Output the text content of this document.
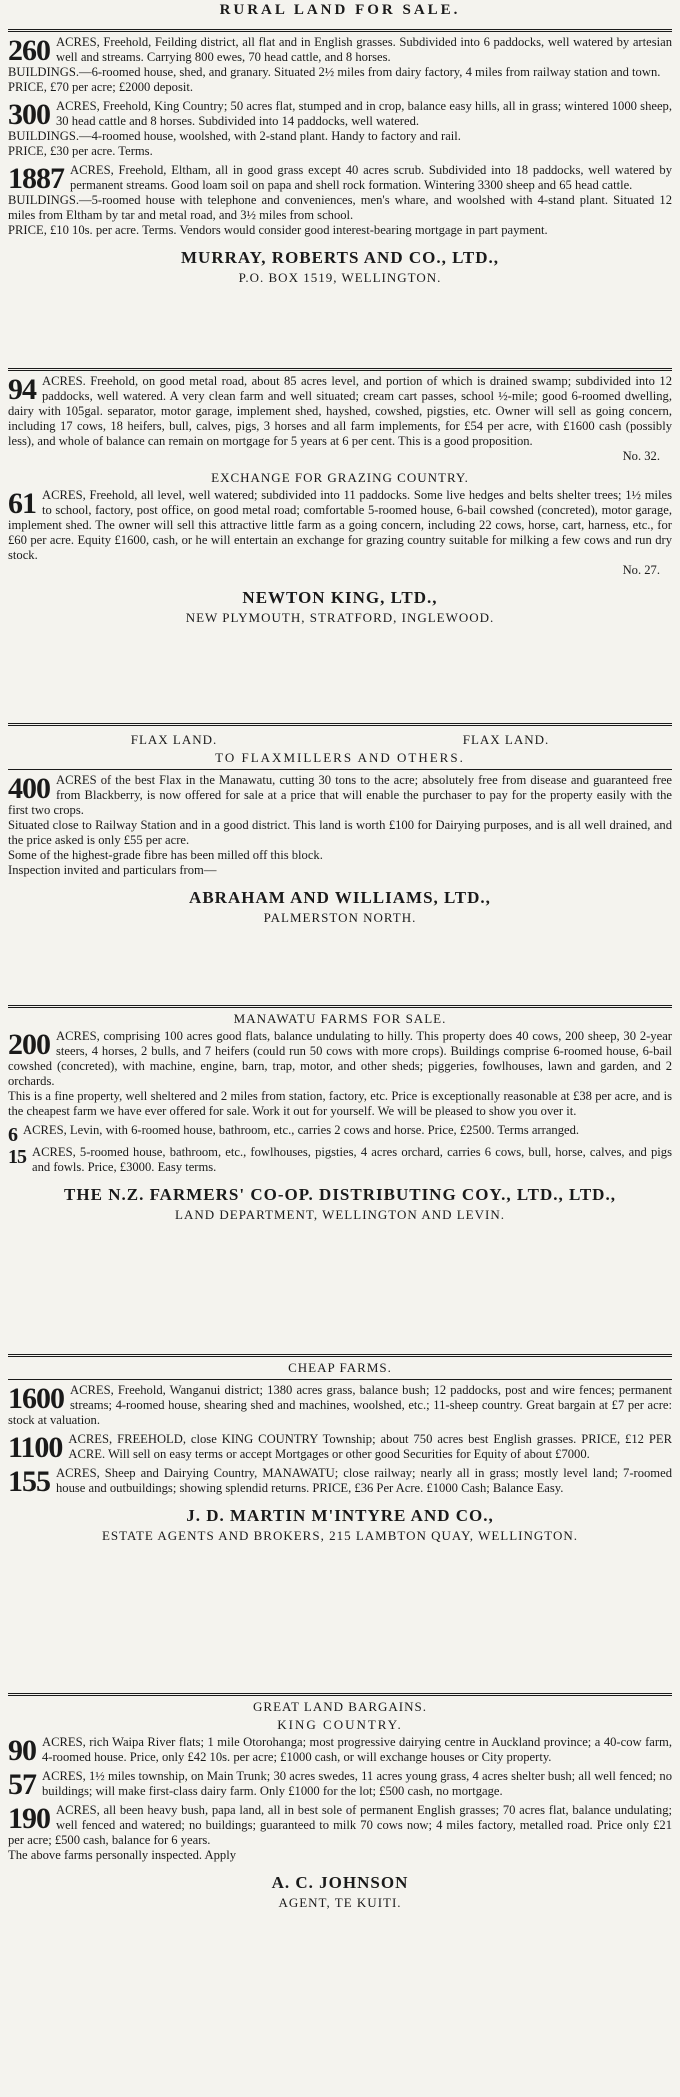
RURAL LAND FOR SALE.
260 ACRES, Freehold, Feilding district, all flat and in English grasses. Subdivided into 6 paddocks, well watered by artesian well and streams. Carrying 800 ewes, 70 head cattle, and 8 horses.
BUILDINGS.—6-roomed house, shed, and granary. Situated 2½ miles from dairy factory, 4 miles from railway station and town.
PRICE, £70 per acre; £2000 deposit.
300 ACRES, Freehold, King Country; 50 acres flat, stumped and in crop, balance easy hills, all in grass; wintered 1000 sheep, 30 head cattle and 8 horses. Subdivided into 14 paddocks, well watered.
BUILDINGS.—4-roomed house, woolshed, with 2-stand plant. Handy to factory and rail.
PRICE, £30 per acre. Terms.
1887 ACRES, Freehold, Eltham, all in good grass except 40 acres scrub. Subdivided into 18 paddocks, well watered by permanent streams. Good loam soil on papa and shell rock formation. Wintering 3300 sheep and 65 head cattle.
BUILDINGS.—5-roomed house with telephone and conveniences, men's whare, and woolshed with 4-stand plant. Situated 12 miles from Eltham by tar and metal road, and 3½ miles from school.
PRICE, £10 10s. per acre. Terms. Vendors would consider good interest-bearing mortgage in part payment.
MURRAY, ROBERTS AND CO., LTD.,
P.O. BOX 1519, WELLINGTON.
94 ACRES. Freehold, on good metal road, about 85 acres level, and portion of which is drained swamp; subdivided into 12 paddocks, well watered. A very clean farm and well situated; cream cart passes, school ½-mile; good 6-roomed dwelling, dairy with 105gal. separator, motor garage, implement shed, hayshed, cowshed, pigsties, etc. Owner will sell as going concern, including 17 cows, 18 heifers, bull, calves, pigs, 3 horses and all farm implements, for £54 per acre, with £1600 cash (possibly less), and whole of balance can remain on mortgage for 5 years at 6 per cent. This is a good proposition.
No. 32.
EXCHANGE FOR GRAZING COUNTRY.
61 ACRES, Freehold, all level, well watered; subdivided into 11 paddocks. Some live hedges and belts shelter trees; 1½ miles to school, factory, post office, on good metal road; comfortable 5-roomed house, 6-bail cowshed (concreted), motor garage, implement shed. The owner will sell this attractive little farm as a going concern, including 22 cows, horse, cart, harness, etc., for £60 per acre. Equity £1600, cash, or he will entertain an exchange for grazing country suitable for milking a few cows and run dry stock.
No. 27.
NEWTON KING, LTD.,
NEW PLYMOUTH, STRATFORD, INGLEWOOD.
FLAX LAND.	FLAX LAND.
TO FLAXMILLERS AND OTHERS.
400 ACRES of the best Flax in the Manawatu, cutting 30 tons to the acre; absolutely free from disease and guaranteed free from Blackberry, is now offered for sale at a price that will enable the purchaser to pay for the property easily with the first two crops.
Situated close to Railway Station and in a good district. This land is worth £100 for Dairying purposes, and is all well drained, and the price asked is only £55 per acre.
Some of the highest-grade fibre has been milled off this block.
Inspection invited and particulars from—
ABRAHAM AND WILLIAMS, LTD.,
PALMERSTON NORTH.
MANAWATU FARMS FOR SALE.
200 ACRES, comprising 100 acres good flats, balance undulating to hilly. This property does 40 cows, 200 sheep, 30 2-year steers, 4 horses, 2 bulls, and 7 heifers (could run 50 cows with more crops). Buildings comprise 6-roomed house, 6-bail cowshed (concreted), with machine, engine, barn, trap, motor, and other sheds; piggeries, fowlhouses, lawn and garden, and 2 orchards.
This is a fine property, well sheltered and 2 miles from station, factory, etc. Price is exceptionally reasonable at £38 per acre, and is the cheapest farm we have ever offered for sale. Work it out for yourself. We will be pleased to show you over it.
6 ACRES, Levin, with 6-roomed house, bathroom, etc., carries 2 cows and horse. Price, £2500. Terms arranged.
15 ACRES, 5-roomed house, bathroom, etc., fowlhouses, pigsties, 4 acres orchard, carries 6 cows, bull, horse, calves, and pigs and fowls. Price, £3000. Easy terms.
THE N.Z. FARMERS' CO-OP. DISTRIBUTING COY., LTD., LTD.,
LAND DEPARTMENT, WELLINGTON AND LEVIN.
CHEAP FARMS.
1600 ACRES, Freehold, Wanganui district; 1380 acres grass, balance bush; 12 paddocks, post and wire fences; permanent streams; 4-roomed house, shearing shed and machines, woolshed, etc.; 11-sheep country. Great bargain at £7 per acre: stock at valuation.
1100 ACRES, FREEHOLD, close KING COUNTRY Township; about 750 acres best English grasses. PRICE, £12 PER ACRE. Will sell on easy terms or accept Mortgages or other good Securities for Equity of about £7000.
155 ACRES, Sheep and Dairying Country, MANAWATU; close railway; nearly all in grass; mostly level land; 7-roomed house and outbuildings; showing splendid returns. PRICE, £36 Per Acre. £1000 Cash; Balance Easy.
J. D. MARTIN M'INTYRE AND CO.,
ESTATE AGENTS AND BROKERS, 215 LAMBTON QUAY, WELLINGTON.
GREAT LAND BARGAINS.
KING COUNTRY.
90 ACRES, rich Waipa River flats; 1 mile Otorohanga; most progressive dairying centre in Auckland province; a 40-cow farm, 4-roomed house. Price, only £42 10s. per acre; £1000 cash, or will exchange houses or City property.
57 ACRES, 1½ miles township, on Main Trunk; 30 acres swedes, 11 acres young grass, 4 acres shelter bush; all well fenced; no buildings; will make first-class dairy farm. Only £1000 for the lot; £500 cash, no mortgage.
190 ACRES, all been heavy bush, papa land, all in best sole of permanent English grasses; 70 acres flat, balance undulating; well fenced and watered; no buildings; guaranteed to milk 70 cows now; 4 miles factory, metalled road. Price only £21 per acre; £500 cash, balance for 6 years.
The above farms personally inspected. Apply
A. C. JOHNSON
AGENT, TE KUITI.
